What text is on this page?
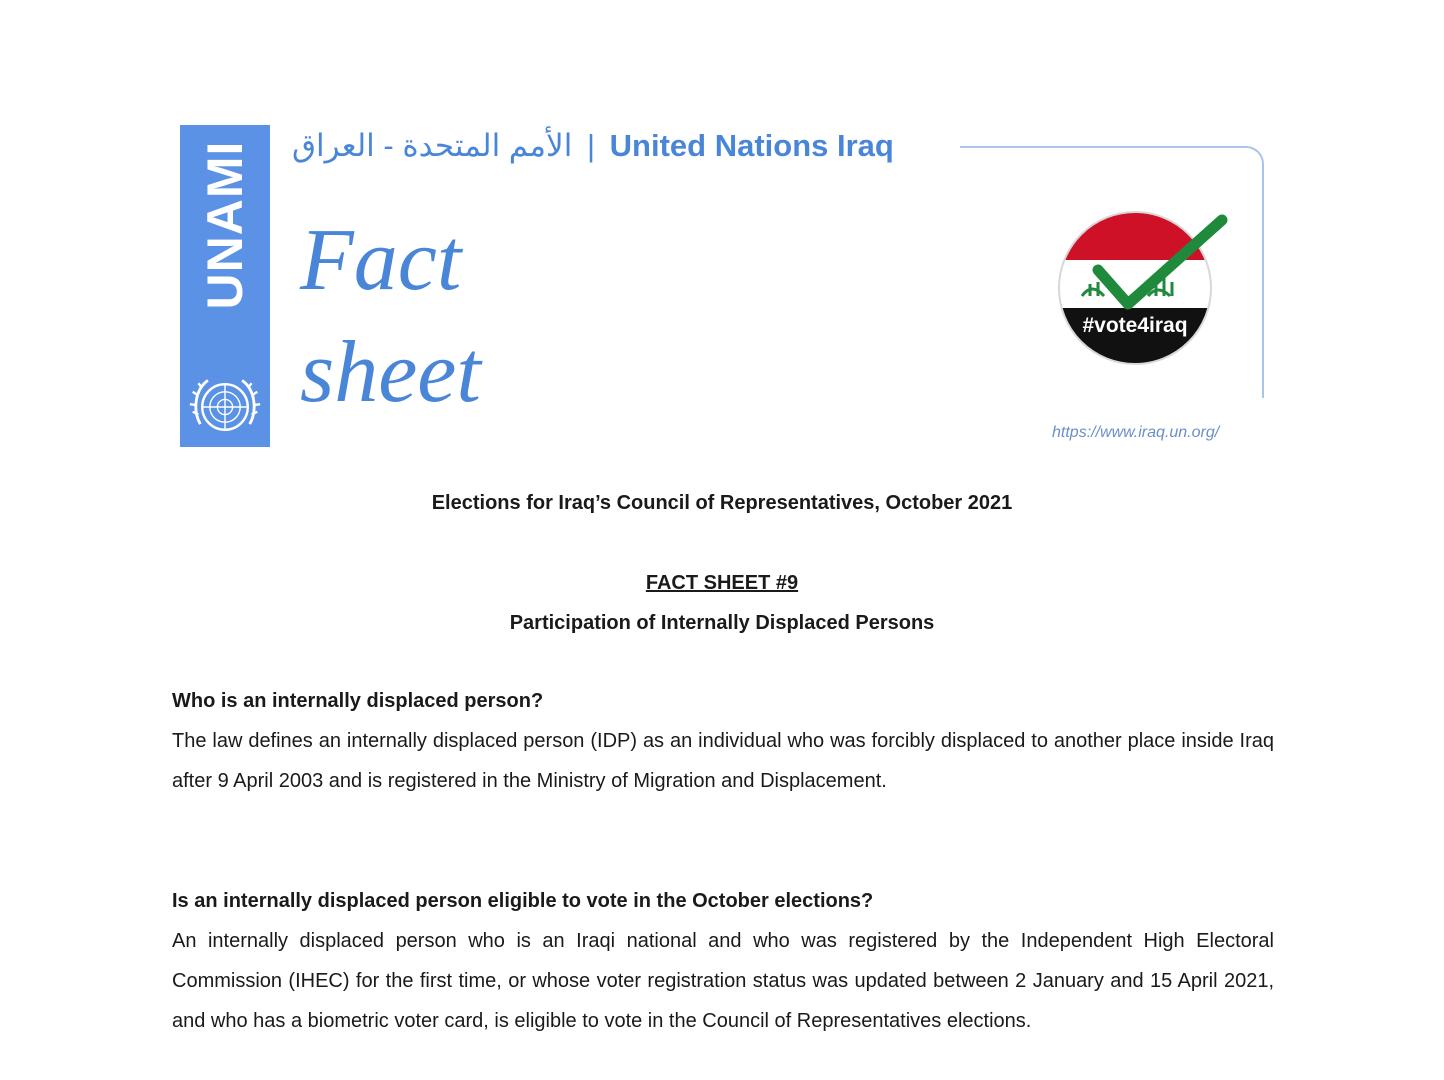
UNAMI الأمم المتحدة - العراق | United Nations Iraq
Fact
sheet	#vote4iraq
https://www.iraq.un.org/
Elections for Iraq’s Council of Representatives, October 2021
FACT SHEET #9
Participation of Internally Displaced Persons

Who is an internally displaced person?

The law defines an internally displaced person (IDP) as an individual who was forcibly displaced to another place inside Iraq after 9 April 2003 and is registered in the Ministry of Migration and Displacement.

Is an internally displaced person eligible to vote in the October elections?

An internally displaced person who is an Iraqi national and who was registered by the Independent High Electoral Commission (IHEC) for the first time, or whose voter registration status was updated between 2 January and 15 April 2021, and who has a biometric voter card, is eligible to vote in the Council of Representatives elections.
